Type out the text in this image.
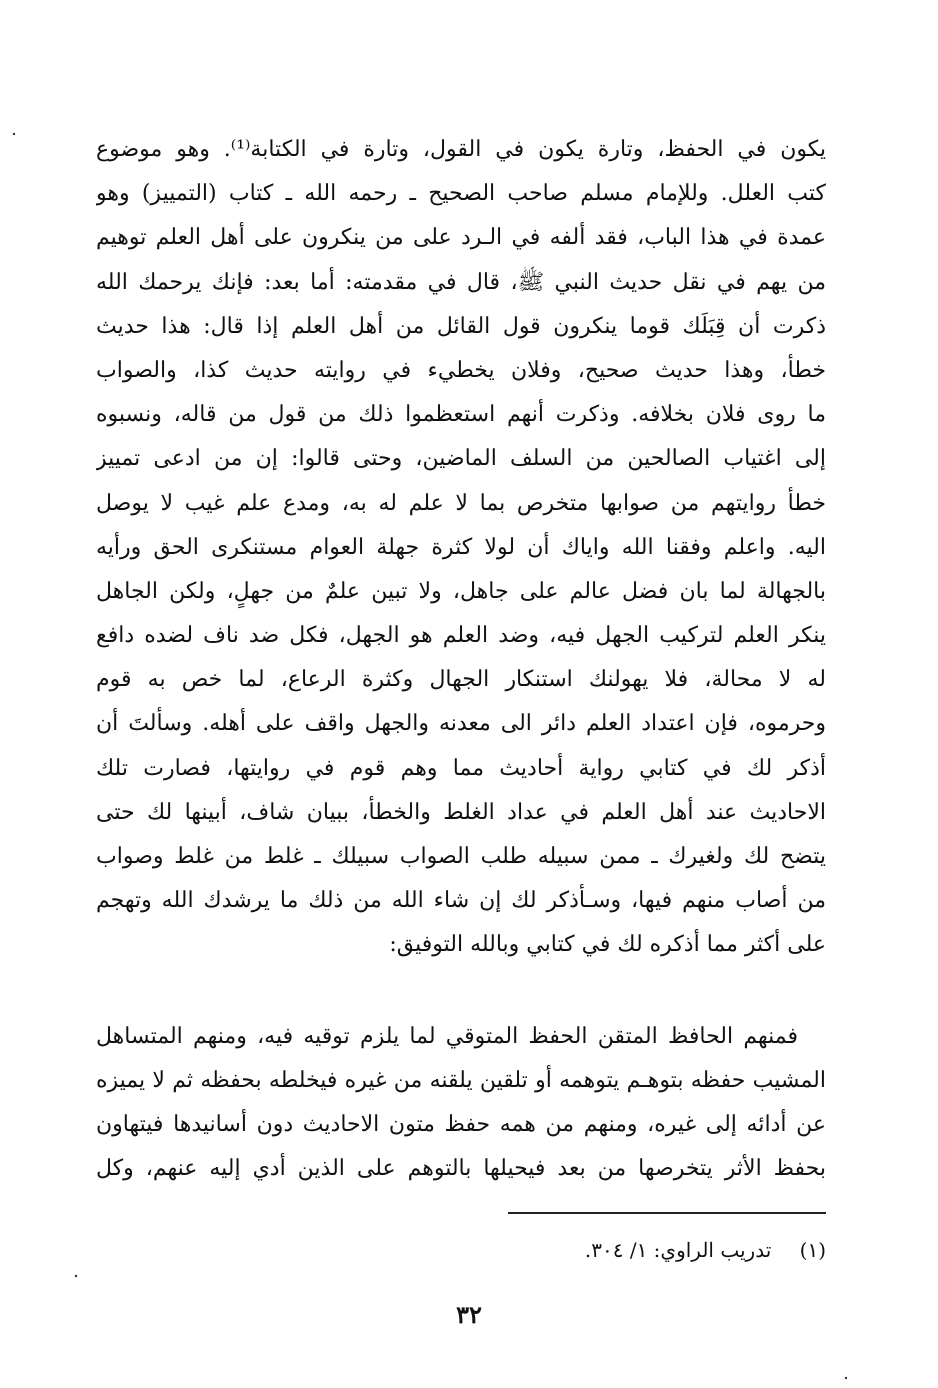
يكون في الحفظ، وتارة يكون في القول، وتارة في الكتابة⁽¹⁾. وهو موضوع
كتب العلل. وللإمام مسلم صاحب الصحيح ـ رحمه الله ـ كتاب (التمييز) وهو
عمدة في هذا الباب، فقد ألفه في الـرد على من ينكرون على أهل العلم توهيم
من يهم في نقل حديث النبي ﷺ، قال في مقدمته: أما بعد: فإنك يرحمك الله
ذكرت أن قِبَلَك قوما ينكرون قول القائل من أهل العلم إذا قال: هذا حديث
خطأ، وهذا حديث صحيح، وفلان يخطيء في روايته حديث كذا، والصواب
ما روى فلان بخلافه. وذكرت أنهم استعظموا ذلك من قول من قاله، ونسبوه
إلى اغتياب الصالحين من السلف الماضين، وحتى قالوا: إن من ادعى تمييز
خطأ روايتهم من صوابها متخرص بما لا علم له به، ومدع علم غيب لا يوصل
اليه. واعلم وفقنا الله واياك أن لولا كثرة جهلة العوام مستنكرى الحق ورأيه
بالجهالة لما بان فضل عالم على جاهل، ولا تبين علمٌ من جهلٍ، ولكن الجاهل
ينكر العلم لتركيب الجهل فيه، وضد العلم هو الجهل، فكل ضد ناف لضده دافع
له لا محالة، فلا يهولنك استنكار الجهال وكثرة الرعاع، لما خص به قوم
وحرموه، فإن اعتداد العلم دائر الى معدنه والجهل واقف على أهله. وسألتَ أن
أذكر لك في كتابي رواية أحاديث مما وهم قوم في روايتها، فصارت تلك
الاحاديث عند أهل العلم في عداد الغلط والخطأ، ببيان شاف، أبينها لك حتى
يتضح لك ولغيرك ـ ممن سبيله طلب الصواب سبيلك ـ غلط من غلط وصواب
من أصاب منهم فيها، وسـأذكر لك إن شاء الله من ذلك ما يرشدك الله وتهجم
على أكثر مما أذكره لك في كتابي وبالله التوفيق:
فمنهم الحافظ المتقن الحفظ المتوقي لما يلزم توقيه فيه، ومنهم المتساهل
المشيب حفظه بتوهـم يتوهمه أو تلقين يلقنه من غيره فيخلطه بحفظه ثم لا يميزه
عن أدائه إلى غيره، ومنهم من همه حفظ متون الاحاديث دون أسانيدها فيتهاون
بحفظ الأثر يتخرصها من بعد فيحيلها بالتوهم على الذين أدي إليه عنهم، وكل
(١) تدريب الراوي: ١/ ٣٠٤.
٣٢
